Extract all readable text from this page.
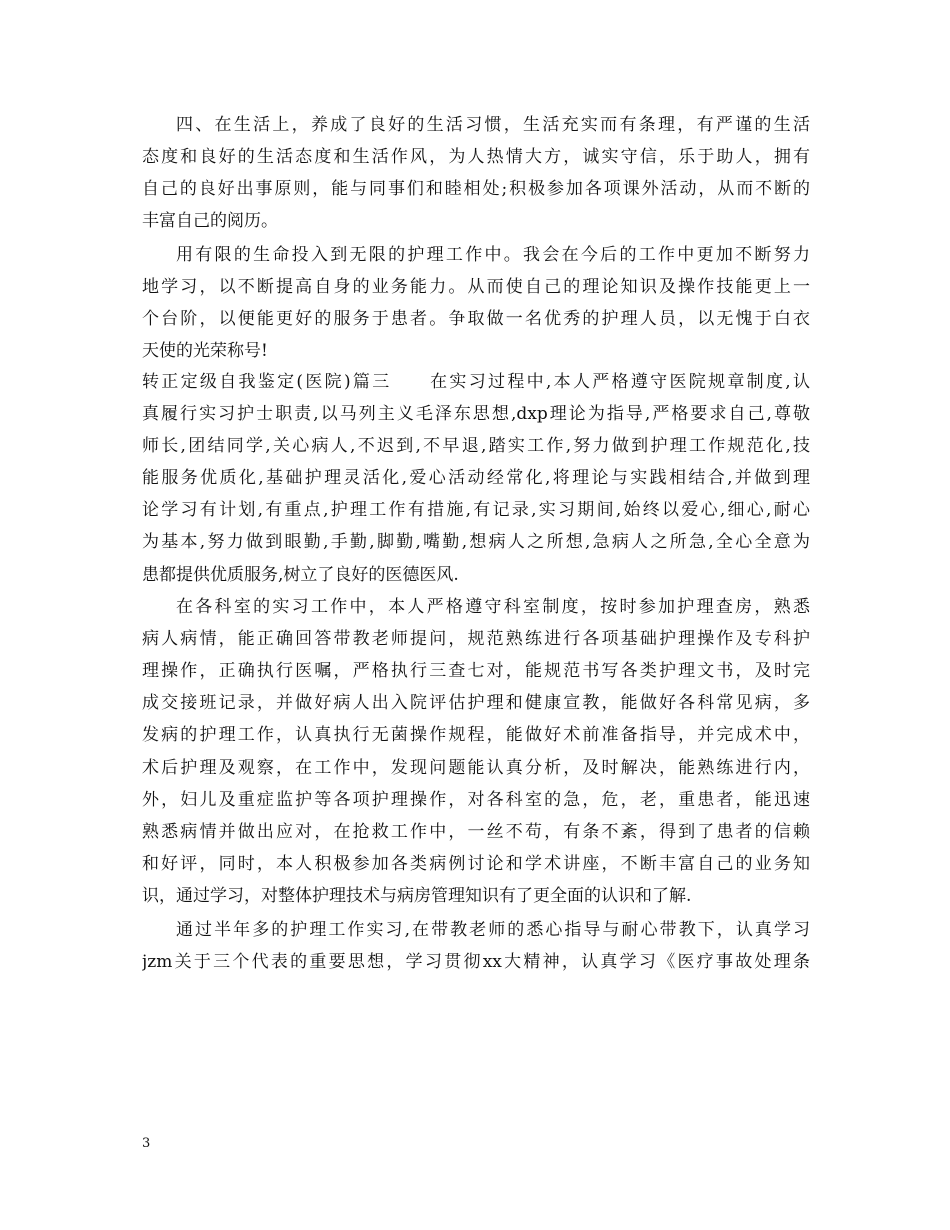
四、在生活上，养成了良好的生活习惯，生活充实而有条理，有严谨的生活
态度和良好的生活态度和生活作风，为人热情大方，诚实守信，乐于助人，拥有
自己的良好出事原则，能与同事们和睦相处;积极参加各项课外活动，从而不断的
丰富自己的阅历。
用有限的生命投入到无限的护理工作中。我会在今后的工作中更加不断努力
地学习，以不断提高自身的业务能力。从而使自己的理论知识及操作技能更上一
个台阶，以便能更好的服务于患者。争取做一名优秀的护理人员，以无愧于白衣
天使的光荣称号!
转正定级自我鉴定(医院)篇三　　在实习过程中,本人严格遵守医院规章制度,认
真履行实习护士职责,以马列主义毛泽东思想,dxp理论为指导,严格要求自己,尊敬
师长,团结同学,关心病人,不迟到,不早退,踏实工作,努力做到护理工作规范化,技
能服务优质化,基础护理灵活化,爱心活动经常化,将理论与实践相结合,并做到理
论学习有计划,有重点,护理工作有措施,有记录,实习期间,始终以爱心,细心,耐心
为基本,努力做到眼勤,手勤,脚勤,嘴勤,想病人之所想,急病人之所急,全心全意为
患都提供优质服务,树立了良好的医德医风.
在各科室的实习工作中，本人严格遵守科室制度，按时参加护理查房，熟悉
病人病情，能正确回答带教老师提问，规范熟练进行各项基础护理操作及专科护
理操作，正确执行医嘱，严格执行三查七对，能规范书写各类护理文书，及时完
成交接班记录，并做好病人出入院评估护理和健康宣教，能做好各科常见病，多
发病的护理工作，认真执行无菌操作规程，能做好术前准备指导，并完成术中，
术后护理及观察，在工作中，发现问题能认真分析，及时解决，能熟练进行内，
外，妇儿及重症监护等各项护理操作，对各科室的急，危，老，重患者，能迅速
熟悉病情并做出应对，在抢救工作中，一丝不苟，有条不紊，得到了患者的信赖
和好评，同时，本人积极参加各类病例讨论和学术讲座，不断丰富自己的业务知
识，通过学习，对整体护理技术与病房管理知识有了更全面的认识和了解.
通过半年多的护理工作实习,在带教老师的悉心指导与耐心带教下，认真学习
jzm关于三个代表的重要思想，学习贯彻xx大精神，认真学习《医疗事故处理条
3
